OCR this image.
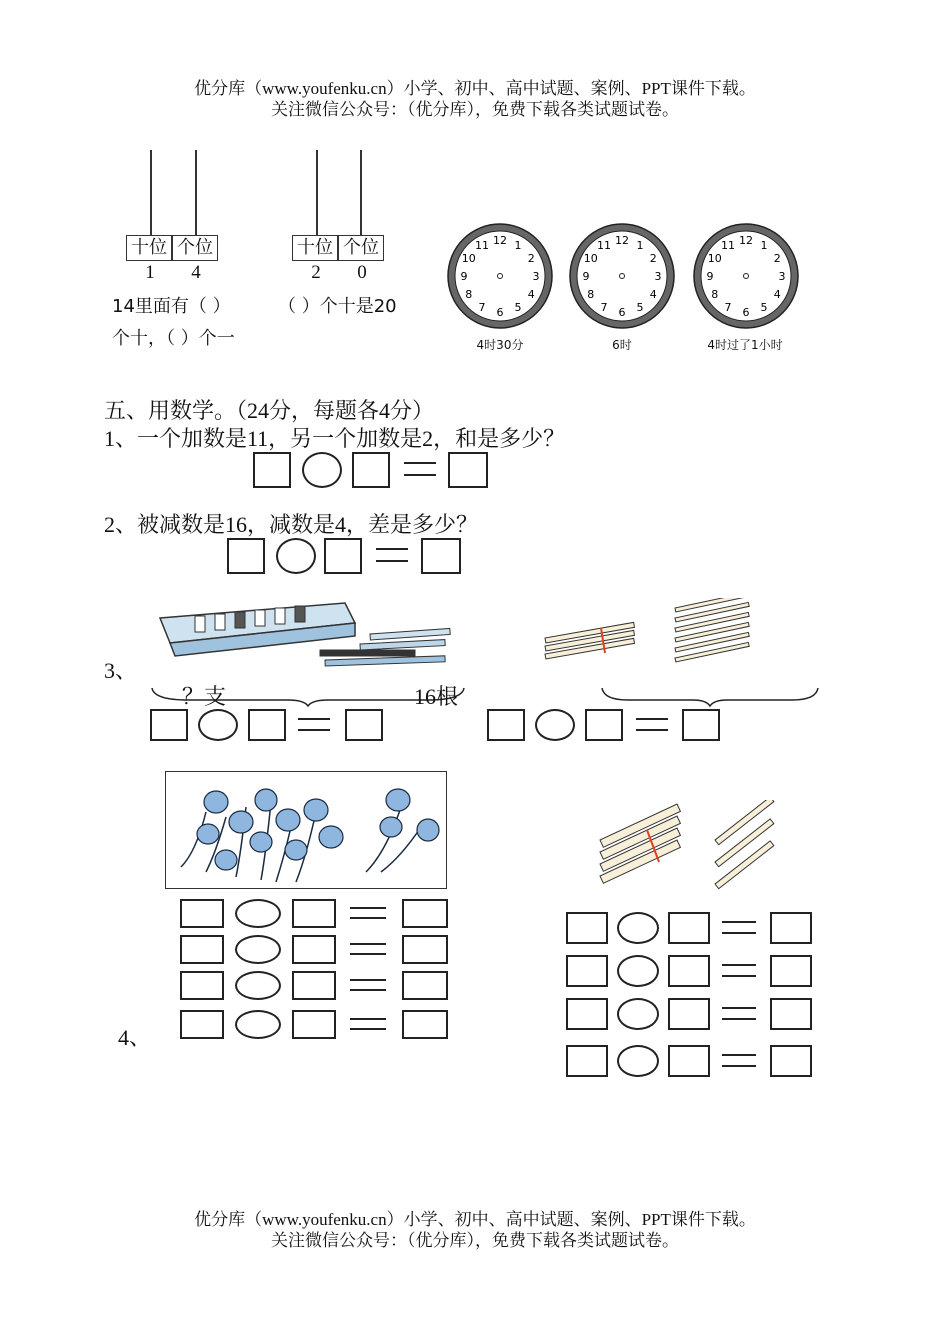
优分库（www.youfenku.cn）小学、初中、高中试题、案例、PPT课件下载。
关注微信公众号：（优分库），免费下载各类试题试卷。
十位 个位
1 4
14里面有（ ）
个十，（ ）个一
十位 个位
2 0
（ ）个十是20
12 1
2
3
4
5
6
7
8
9
10
11	12 1
2
3
4
5
6
7
8
9
10
11	12 1
2
3
4
5
6
7
8
9
10
11
4时30分	6时	4时过了1小时
五、用数学。（24分，每题各4分）
1、一个加数是11，另一个加数是2，和是多少？
2、被减数是16，减数是4，差是多少？
3、
？支	16根
4、
优分库（www.youfenku.cn）小学、初中、高中试题、案例、PPT课件下载。
关注微信公众号：（优分库），免费下载各类试题试卷。
